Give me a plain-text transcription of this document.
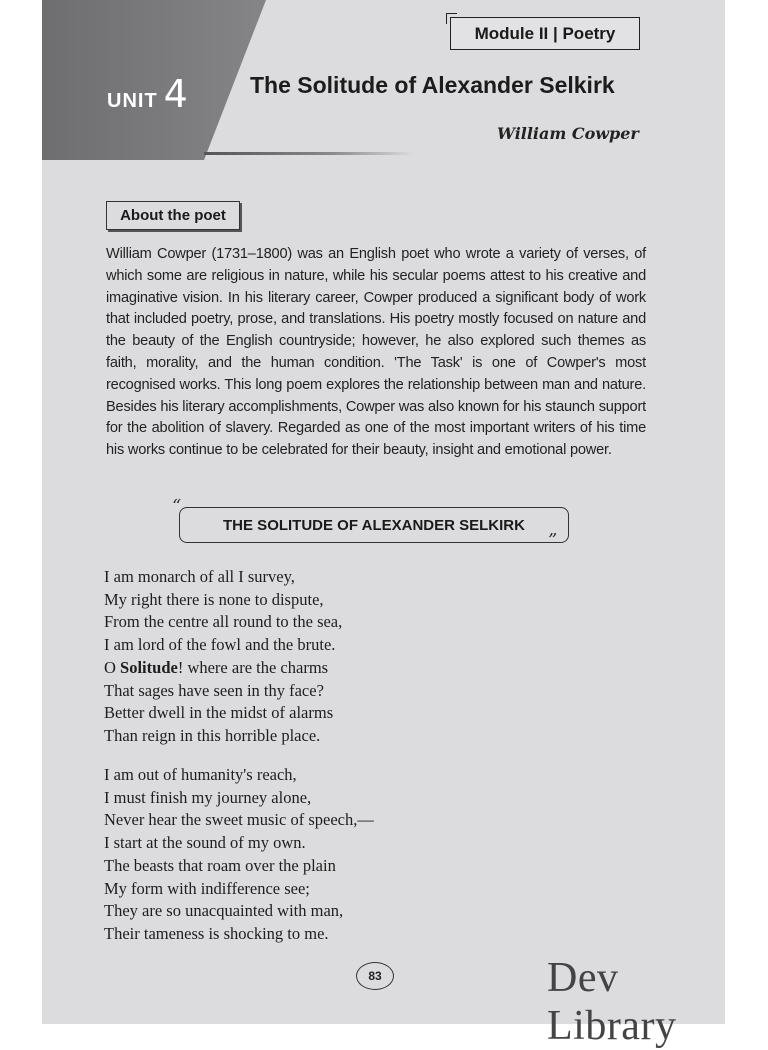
Module II | Poetry
UNIT 4	The Solitude of Alexander Selkirk
William Cowper
About the poet
William Cowper (1731–1800) was an English poet who wrote a variety of verses, of which some are religious in nature, while his secular poems attest to his creative and imaginative vision. In his literary career, Cowper produced a significant body of work that included poetry, prose, and translations. His poetry mostly focused on nature and the beauty of the English countryside; however, he also explored such themes as faith, morality, and the human condition. 'The Task' is one of Cowper's most recognised works. This long poem explores the relationship between man and nature. Besides his literary accomplishments, Cowper was also known for his staunch support for the abolition of slavery. Regarded as one of the most important writers of his time his works continue to be celebrated for their beauty, insight and emotional power.
“
THE SOLITUDE OF ALEXANDER SELKIRK
”
I am monarch of all I survey,
My right there is none to dispute,
From the centre all round to the sea,
I am lord of the fowl and the brute.
O Solitude! where are the charms
That sages have seen in thy face?
Better dwell in the midst of alarms
Than reign in this horrible place.
I am out of humanity's reach,
I must finish my journey alone,
Never hear the sweet music of speech,—
I start at the sound of my own.
The beasts that roam over the plain
My form with indifference see;
They are so unacquainted with man,
Their tameness is shocking to me.
83	Dev Library
